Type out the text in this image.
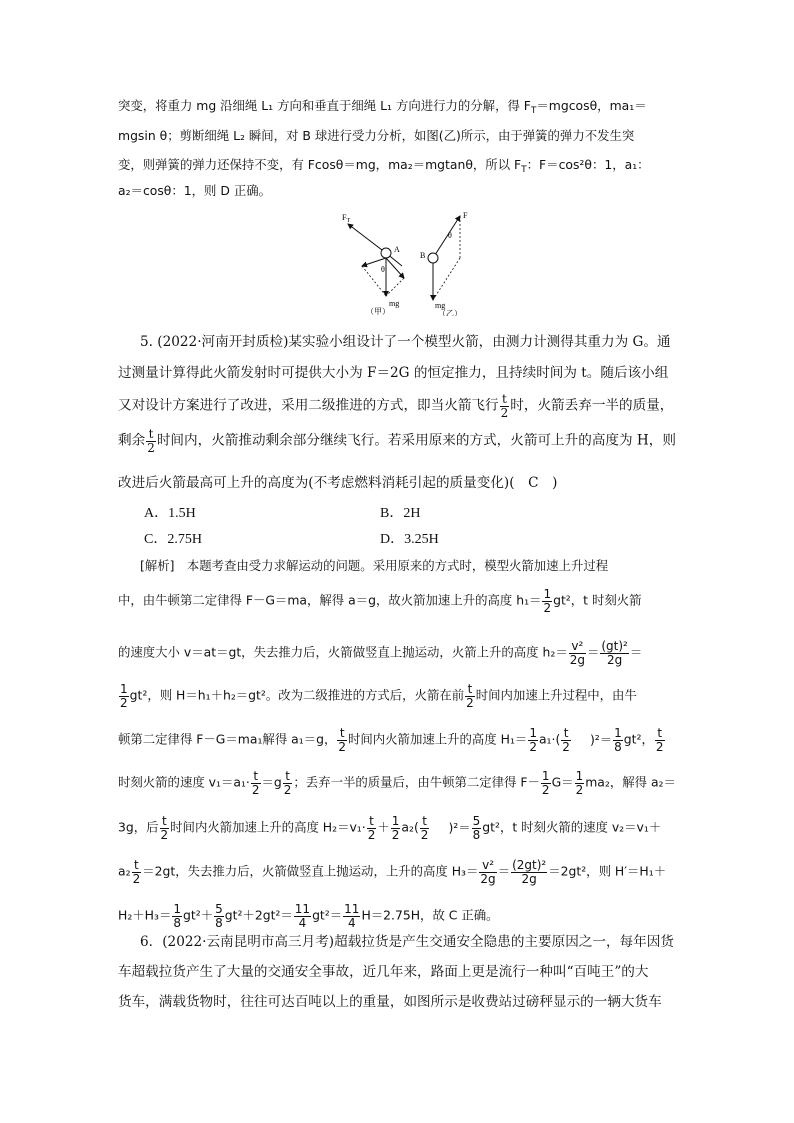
突变，将重力 mg 沿细绳 L₁ 方向和垂直于细绳 L₁ 方向进行力的分解，得 $F_T=mgcos\theta$，ma₁＝
mgsin θ；剪断细绳 L₂ 瞬间，对 B 球进行受力分析，如图(乙)所示，由于弹簧的弹力不发生突
变，则弹簧的弹力还保持不变，有 Fcosθ＝mg，ma₂＝mgtanθ，所以 $F_T$：F＝cos²θ：1，a₁：
a₂＝cosθ：1，则 D 正确。
$F_T$
A
θ
mg
（甲）
B
F
θ
mg
（乙）
5. (2022·河南开封质检)某实验小组设计了一个模型火箭，由测力计测得其重力为 G。通
过测量计算得此火箭发射时可提供大小为 F＝2G 的恒定推力，且持续时间为 t。随后该小组
又对设计方案进行了改进，采用二级推进的方式，即当火箭飞行 $\frac{t}{2}$ 时，火箭丢弃一半的质量，
剩余 $\frac{t}{2}$ 时间内，火箭推动剩余部分继续飞行。若采用原来的方式，火箭可上升的高度为 H，则
改进后火箭最高可上升的高度为(不考虑燃料消耗引起的质量变化)(　C　)
A．1.5H	B．2H
C．2.75H	D．3.25H
[解析]　本题考查由受力求解运动的问题。采用原来的方式时，模型火箭加速上升过程
中，由牛顿第二定律得 F－G＝ma，解得 a＝g，故火箭加速上升的高度 $h_1= \frac{1}{2} gt^2$，t 时刻火箭
的速度大小 v＝at＝gt，失去推力后，火箭做竖直上抛运动，火箭上升的高度 $h_2= \frac{\text{v²}}{2g} = \frac{\text{(gt)²}}{2g}$ ＝
$\frac{1}{2} gt^2$，则 H＝h₁＋h₂＝gt²。改为二级推进的方式后，火箭在前 $\frac{t}{2}$ 时间内加速上升过程中，由牛
顿第二定律得 F－G＝ma₁解得 a₁＝g， $\frac{t}{2}$ 时间内火箭加速上升的高度 $H_1= \frac{1}{2} a_1\cdot( \frac{t}{2} )^2= \frac{1}{8} gt^2$， $\frac{t}{2}$
时刻火箭的速度 $v_1=a_1\cdot \frac{t}{2} =g \frac{t}{2}$ ；丢弃一半的质量后，由牛顿第二定律得 $F- \frac{1}{2} G= \frac{1}{2} ma_2$，解得 a₂＝
3g，后 $\frac{t}{2}$ 时间内火箭加速上升的高度 $H_2=v_1\cdot \frac{t}{2} + \frac{1}{2} a_2( \frac{t}{2} )^2= \frac{5}{8} gt^2$，t 时刻火箭的速度 v₂＝v₁＋
$a_2 \frac{t}{2} =2gt$，失去推力后，火箭做竖直上抛运动，上升的高度 $H_3= \frac{\text{v²}}{2g} = \frac{\text{(2gt)²}}{2g} =2gt^2$，则 H′＝H₁＋
$H_2+H_3= \frac{1}{8} gt^2+ \frac{5}{8} gt^2+2gt^2= \frac{11}{4} gt^2= \frac{11}{4} H=2.75H$，故 C 正确。
6．(2022·云南昆明市高三月考)超载拉货是产生交通安全隐患的主要原因之一，每年因货
车超载拉货产生了大量的交通安全事故，近几年来，路面上更是流行一种叫“百吨王”的大
货车，满载货物时，往往可达百吨以上的重量，如图所示是收费站过磅秤显示的一辆大货车
